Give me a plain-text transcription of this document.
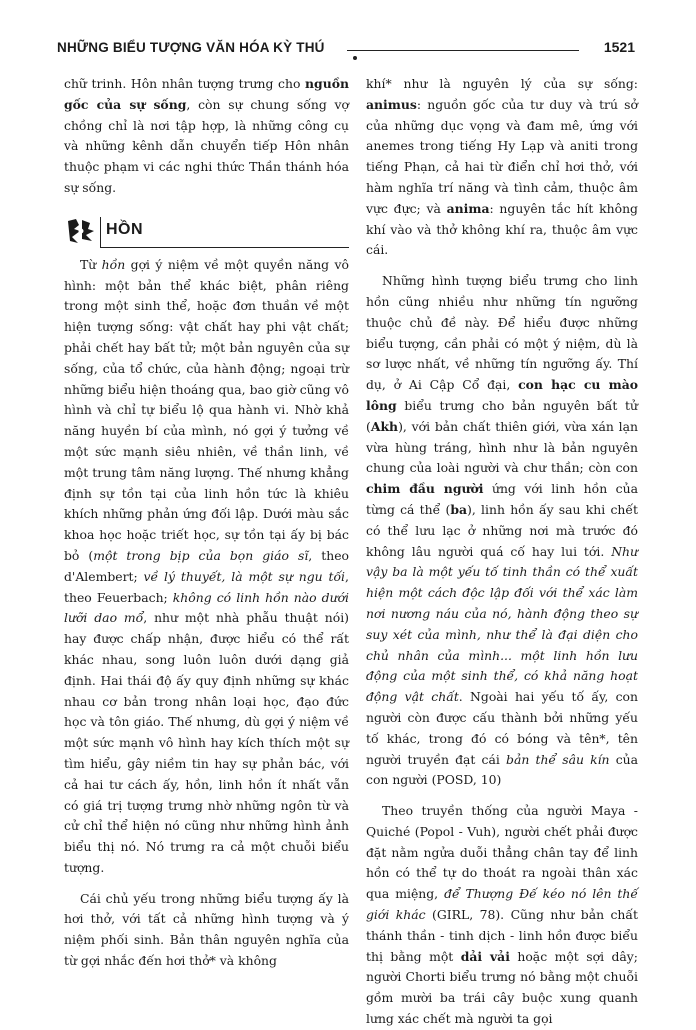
NHỮNG BIỂU TƯỢNG VĂN HÓA KỲ THÚ	1521

chữ trinh. Hôn nhân tượng trưng cho nguồn gốc của sự sống, còn sự chung sống vợ chồng chỉ là nơi tập hợp, là những công cụ và những kênh dẫn chuyển tiếp Hôn nhân thuộc phạm vi các nghi thức Thần thánh hóa sự sống.

HỒN

Từ hồn gợi ý niệm về một quyền năng vô hình: một bản thể khác biệt, phân riêng trong một sinh thể, hoặc đơn thuần về một hiện tượng sống: vật chất hay phi vật chất; phải chết hay bất tử; một bản nguyên của sự sống, của tổ chức, của hành động; ngoại trừ những biểu hiện thoáng qua, bao giờ cũng vô hình và chỉ tự biểu lộ qua hành vi. Nhờ khả năng huyền bí của mình, nó gợi ý tưởng về một sức mạnh siêu nhiên, về thần linh, về một trung tâm năng lượng. Thế nhưng khẳng định sự tồn tại của linh hồn tức là khiêu khích những phản ứng đối lập. Dưới màu sắc khoa học hoặc triết học, sự tồn tại ấy bị bác bỏ (một trong bịp của bọn giáo sĩ, theo d'Alembert; về lý thuyết, là một sự ngu tối, theo Feuerbach; không có linh hồn nào dưới lưỡi dao mổ, như một nhà phẫu thuật nói) hay được chấp nhận, được hiểu có thể rất khác nhau, song luôn luôn dưới dạng giả định. Hai thái độ ấy quy định những sự khác nhau cơ bản trong nhân loại học, đạo đức học và tôn giáo. Thế nhưng, dù gợi ý niệm về một sức mạnh vô hình hay kích thích một sự tìm hiểu, gây niềm tin hay sự phản bác, với cả hai tư cách ấy, hồn, linh hồn ít nhất vẫn có giá trị tượng trưng nhờ những ngôn từ và cử chỉ thể hiện nó cũng như những hình ảnh biểu thị nó. Nó trưng ra cả một chuỗi biểu tượng.

Cái chủ yếu trong những biểu tượng ấy là hơi thở, với tất cả những hình tượng và ý niệm phối sinh. Bản thân nguyên nghĩa của từ gợi nhắc đến hơi thở* và không

khí* như là nguyên lý của sự sống: animus: nguồn gốc của tư duy và trú sở của những dục vọng và đam mê, ứng với anemes trong tiếng Hy Lạp và aniti trong tiếng Phạn, cả hai từ điển chỉ hơi thở, với hàm nghĩa trí năng và tình cảm, thuộc âm vực đực; và anima: nguyên tắc hít không khí vào và thở không khí ra, thuộc âm vực cái.

Những hình tượng biểu trưng cho linh hồn cũng nhiều như những tín ngưỡng thuộc chủ đề này. Để hiểu được những biểu tượng, cần phải có một ý niệm, dù là sơ lược nhất, về những tín ngưỡng ấy. Thí dụ, ở Ai Cập Cổ đại, con hạc cu mào lông biểu trưng cho bản nguyên bất tử (Akh), với bản chất thiên giới, vừa xán lạn vừa hùng tráng, hình như là bản nguyên chung của loài người và chư thần; còn con chim đầu người ứng với linh hồn của từng cá thể (ba), linh hồn ấy sau khi chết có thể lưu lạc ở những nơi mà trước đó không lâu người quá cố hay lui tới. Như vậy ba là một yếu tố tinh thần có thể xuất hiện một cách độc lập đối với thể xác làm nơi nương náu của nó, hành động theo sự suy xét của mình, như thể là đại diện cho chủ nhân của mình... một linh hồn lưu động của một sinh thể, có khả năng hoạt động vật chất. Ngoài hai yếu tố ấy, con người còn được cấu thành bởi những yếu tố khác, trong đó có bóng và tên*, tên người truyền đạt cái bản thể sâu kín của con người (POSD, 10)

Theo truyền thống của người Maya - Quiché (Popol - Vuh), người chết phải được đặt nằm ngửa duỗi thẳng chân tay để linh hồn có thể tự do thoát ra ngoài thân xác qua miệng, để Thượng Đế kéo nó lên thế giới khác (GIRL, 78). Cũng như bản chất thánh thần - tinh dịch - linh hồn được biểu thị bằng một dải vải hoặc một sợi dây; người Chorti biểu trưng nó bằng một chuỗi gồm mười ba trái cây buộc xung quanh lưng xác chết mà người ta gọi
